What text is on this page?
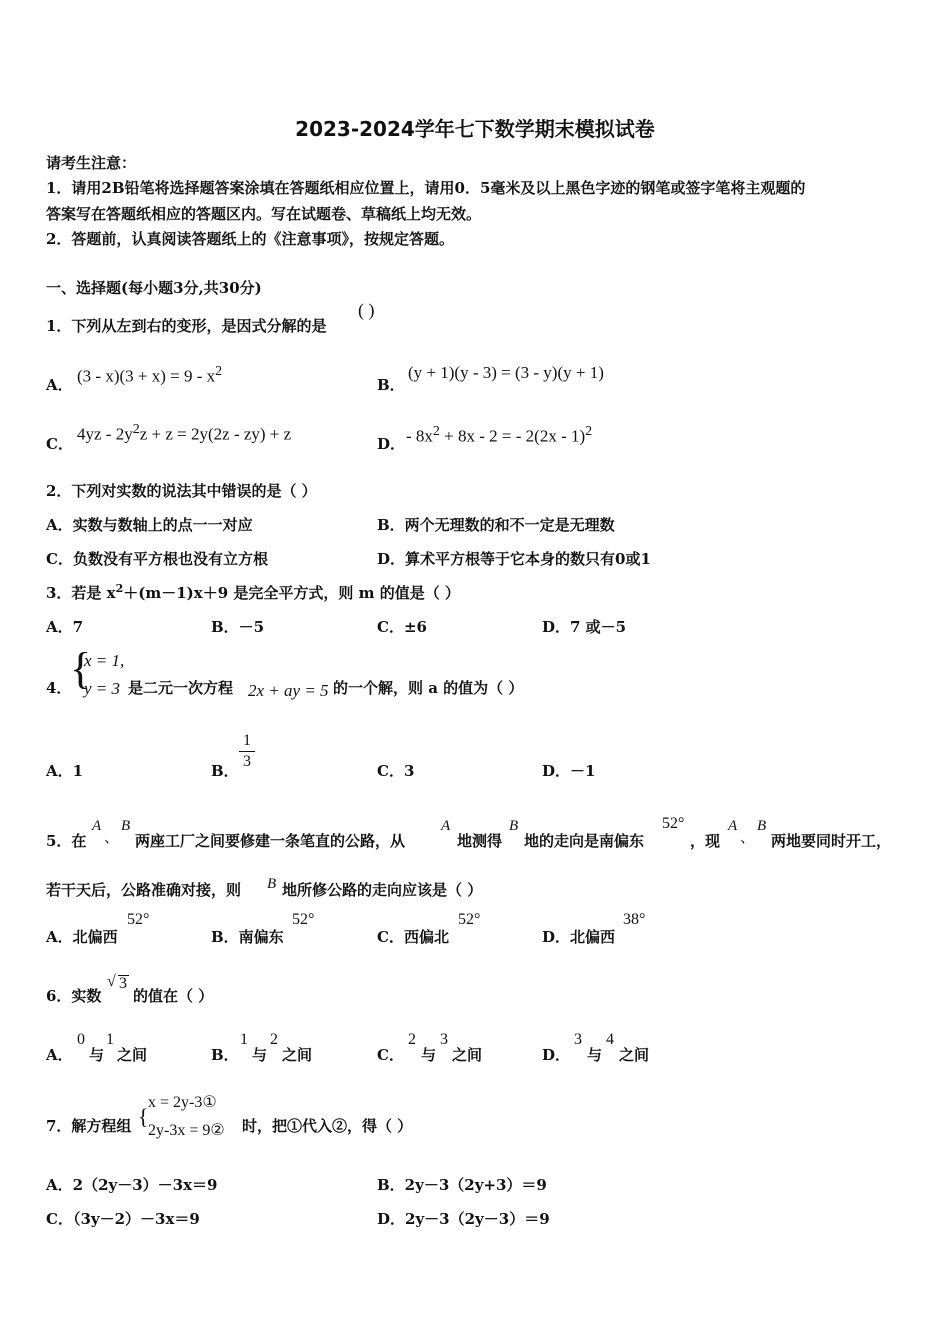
2023-2024学年七下数学期末模拟试卷
请考生注意：
1．请用2B铅笔将选择题答案涂填在答题纸相应位置上，请用0．5毫米及以上黑色字迹的钢笔或签字笔将主观题的
答案写在答题纸相应的答题区内。写在试题卷、草稿纸上均无效。
2．答题前，认真阅读答题纸上的《注意事项》，按规定答题。
一、选择题(每小题3分,共30分)
1．下列从左到右的变形，是因式分解的是
( )
A． $(3 - x)(3 + x) = 9 - x^2$
B．
(y + 1)(y - 3) = (3 - y)(y + 1)
C．
$4yz - 2y^2z + z = 2y(2z - zy) + z$
D． - $8x^2 + 8x - 2$ = - 2(2x - 1)$^2$
2．下列对实数的说法其中错误的是（ ）
A．实数与数轴上的点一一对应	B．两个无理数的和不一定是无理数
C．负数没有平方根也没有立方根	D．算术平方根等于它本身的数只有0或1
3．若是 $x^2+(m-1)x+9$ 是完全平方式，则 m 的值是（ ）
A．7	B．－5	C．±6	D．7 或－5
4．
{
x = 1,
y = 3 是二元一次方程 2x + ay = 5 的一个解，则 a 的值为（ ）
A．1	B．
1
3
C．3	D．－1
5．在
A
、
B
两座工厂之间要修建一条笔直的公路，从
A
地测得
B
地的走向是南偏东
52°
，现
A
、
B
两地要同时开工，
若干天后，公路准确对接，则 B 地所修公路的走向应该是（ ）
A．北偏西
52°
B．南偏东
52°
C．西偏北
52°
D．北偏西
38°
6．实数
√ 3
的值在（ ）
A．
0
与
1
之间	B．
1
与
2
之间	C．
2
与
3
之间	D．
3
与
4
之间
7．解方程组 {
x = 2y-3①
2y-3x = 9② 时，把①代入②，得（ ）
A．2（2y－3）－3x＝9	B．2y－3（2y+3）＝9
C．（3y－2）－3x＝9	D．2y－3（2y－3）＝9
